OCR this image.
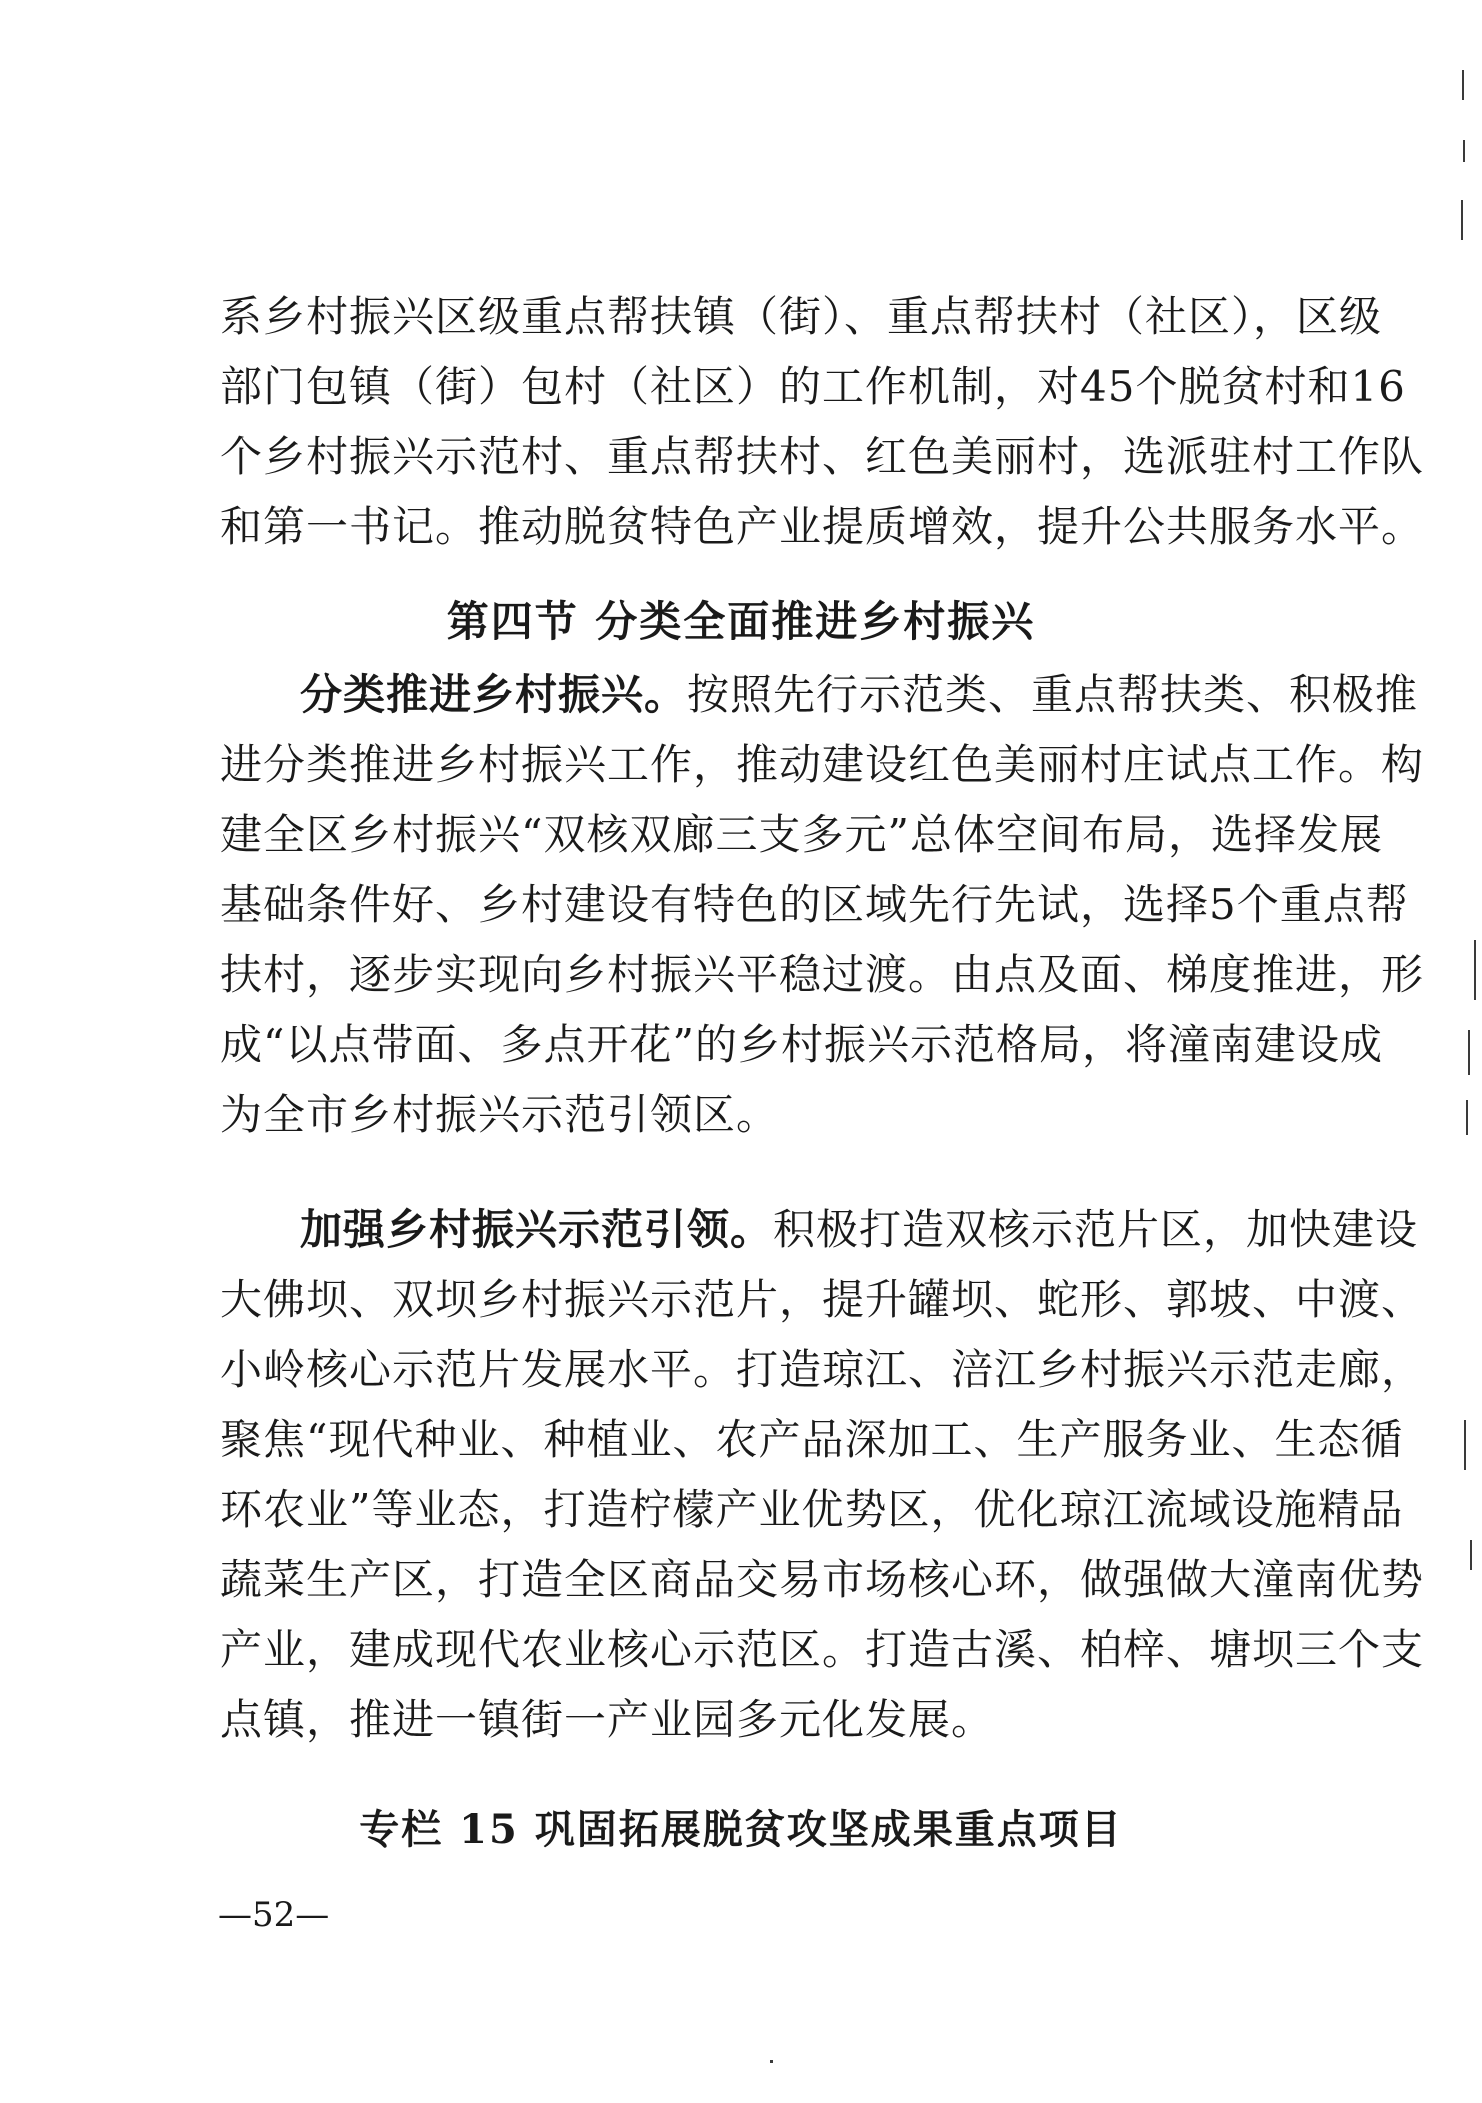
系乡村振兴区级重点帮扶镇（街）、重点帮扶村（社区），区级
部门包镇（街）包村（社区）的工作机制，对45个脱贫村和16
个乡村振兴示范村、重点帮扶村、红色美丽村，选派驻村工作队
和第一书记。推动脱贫特色产业提质增效，提升公共服务水平。
第四节 分类全面推进乡村振兴
分类推进乡村振兴。按照先行示范类、重点帮扶类、积极推
进分类推进乡村振兴工作，推动建设红色美丽村庄试点工作。构
建全区乡村振兴“双核双廊三支多元”总体空间布局，选择发展
基础条件好、乡村建设有特色的区域先行先试，选择5个重点帮
扶村，逐步实现向乡村振兴平稳过渡。由点及面、梯度推进，形
成“以点带面、多点开花”的乡村振兴示范格局，将潼南建设成
为全市乡村振兴示范引领区。
加强乡村振兴示范引领。积极打造双核示范片区，加快建设
大佛坝、双坝乡村振兴示范片，提升罐坝、蛇形、郭坡、中渡、
小岭核心示范片发展水平。打造琼江、涪江乡村振兴示范走廊，
聚焦“现代种业、种植业、农产品深加工、生产服务业、生态循
环农业”等业态，打造柠檬产业优势区，优化琼江流域设施精品
蔬菜生产区，打造全区商品交易市场核心环，做强做大潼南优势
产业，建成现代农业核心示范区。打造古溪、柏梓、塘坝三个支
点镇，推进一镇街一产业园多元化发展。
专栏 15 巩固拓展脱贫攻坚成果重点项目
—52—
